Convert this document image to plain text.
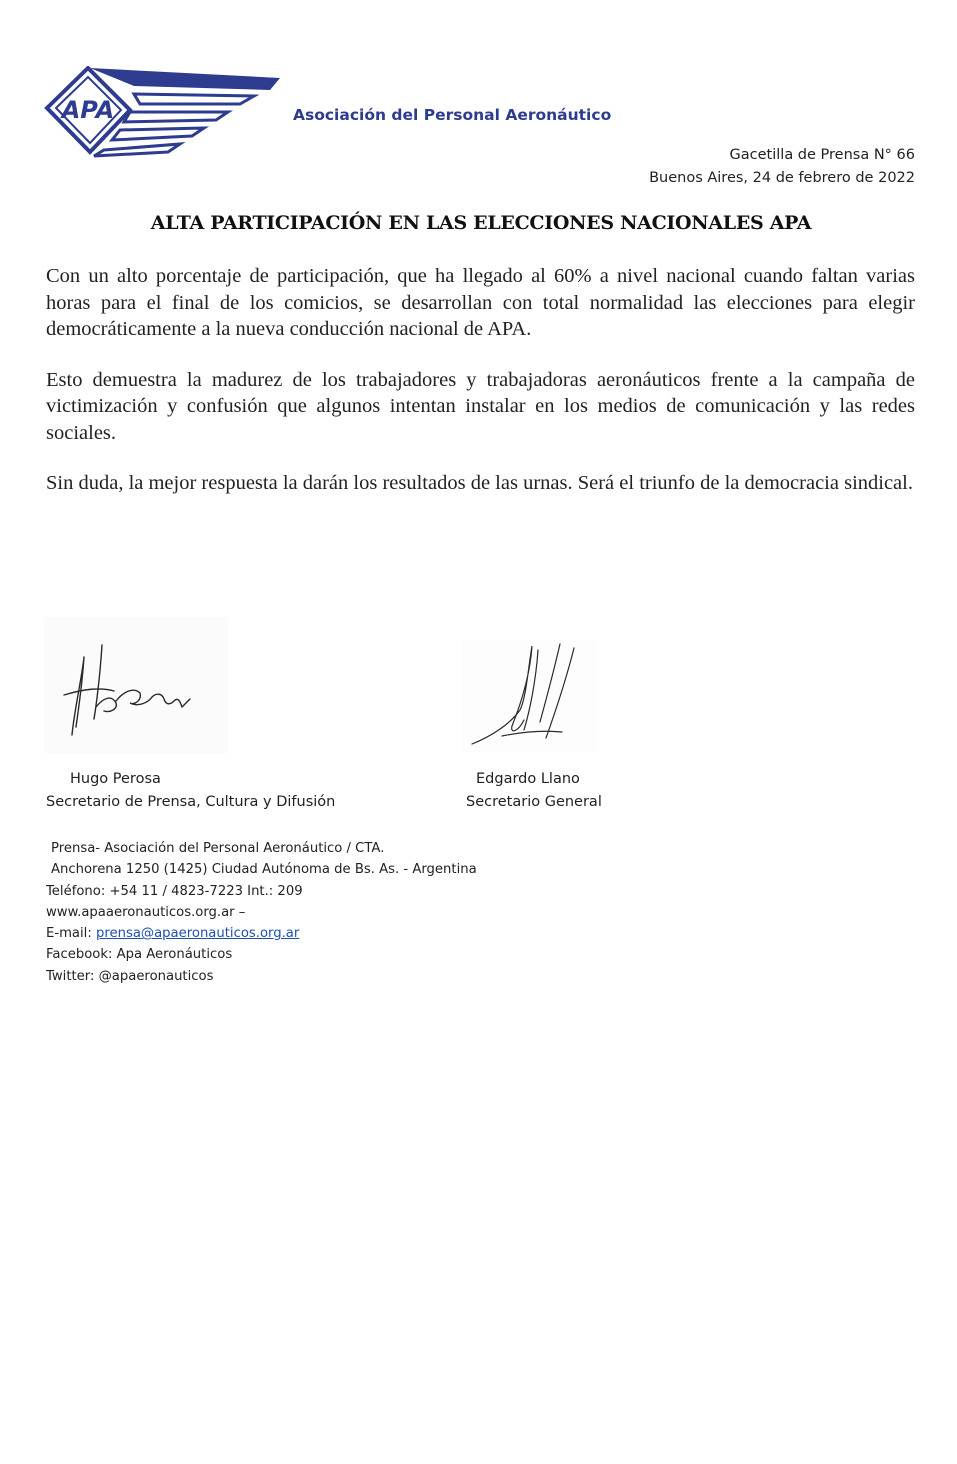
APA	Asociación del Personal Aeronáutico
Gacetilla de Prensa N° 66
Buenos Aires, 24 de febrero de 2022
ALTA PARTICIPACIÓN EN LAS ELECCIONES NACIONALES APA

Con un alto porcentaje de participación, que ha llegado al 60% a nivel nacional cuando faltan varias horas para el final de los comicios, se desarrollan con total normalidad las elecciones para elegir democráticamente a la nueva conducción nacional de APA.

Esto demuestra la madurez de los trabajadores y trabajadoras aeronáuticos frente a la campaña de victimización y confusión que algunos intentan instalar en los medios de comunicación y las redes sociales.

Sin duda, la mejor respuesta la darán los resultados de las urnas. Será el triunfo de la democracia sindical.

Hugo Perosa
Secretario de Prensa, Cultura y Difusión
Edgardo Llano
Secretario General
Prensa- Asociación del Personal Aeronáutico / CTA.
Anchorena 1250 (1425) Ciudad Autónoma de Bs. As. - Argentina
Teléfono: +54 11 / 4823-7223 Int.: 209
www.apaaeronauticos.org.ar –
E-mail: prensa@apaeronauticos.org.ar
Facebook: Apa Aeronáuticos
Twitter: @apaeronauticos
